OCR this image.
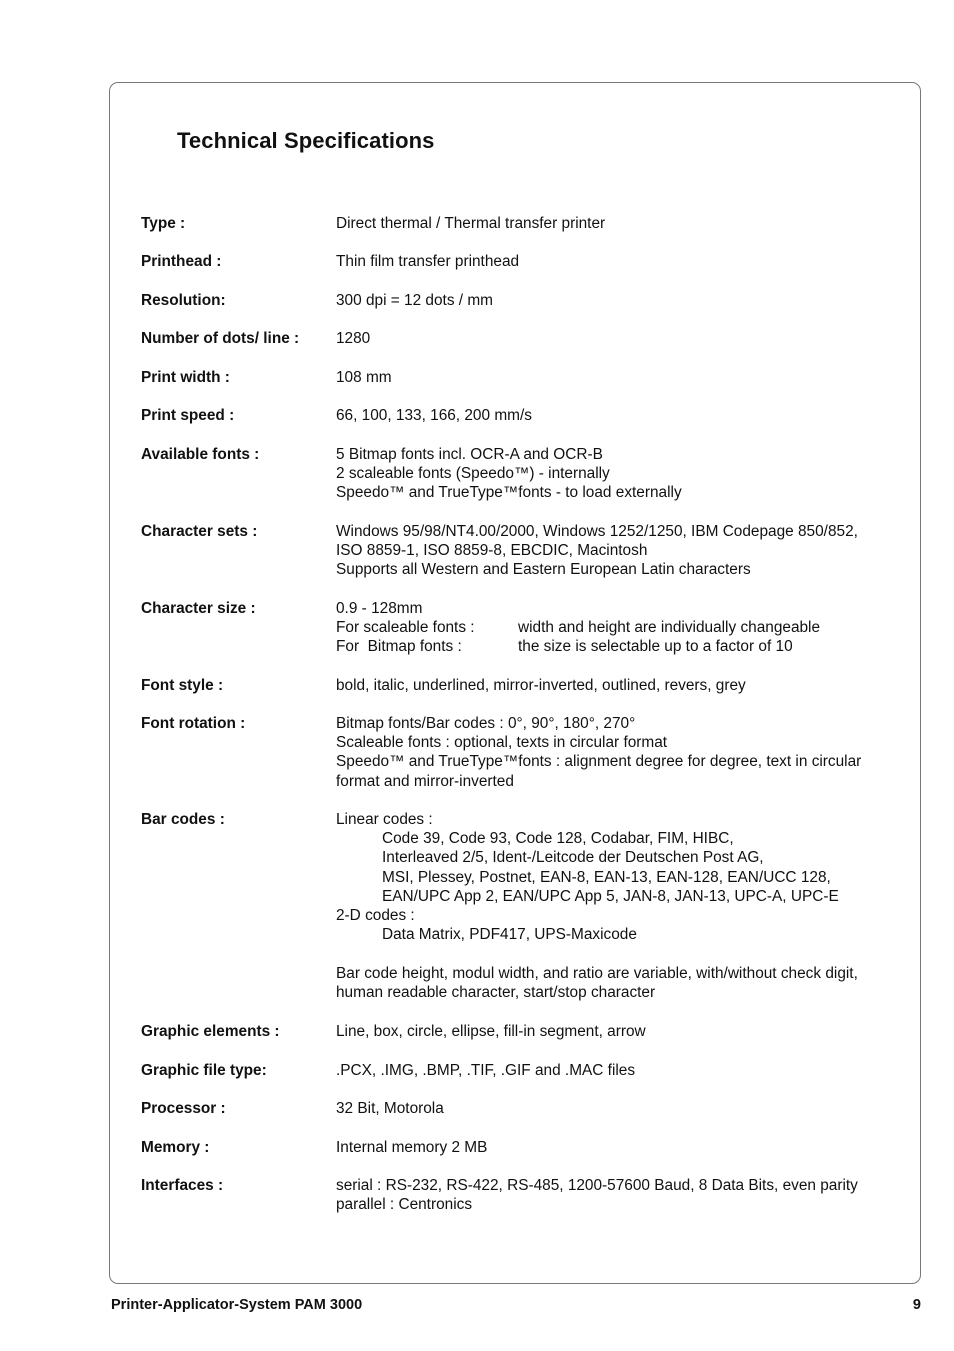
Technical Specifications
Type :	Direct thermal / Thermal transfer printer
Printhead :	Thin film transfer printhead
Resolution:	300 dpi = 12 dots / mm
Number of dots/ line :	1280
Print width :	108 mm
Print speed :	66, 100, 133, 166, 200 mm/s
Available fonts :	5 Bitmap fonts incl. OCR-A and OCR-B
2 scaleable fonts (Speedo™) - internally
Speedo™ and TrueType™fonts - to load externally
Character sets :	Windows 95/98/NT4.00/2000, Windows 1252/1250, IBM Codepage 850/852,
ISO 8859-1, ISO 8859-8, EBCDIC, Macintosh
Supports all Western and Eastern European Latin characters
Character size :	0.9 - 128mm
For scaleable fonts :	width and height are individually changeable
For  Bitmap fonts :	the size is selectable up to a factor of 10
Font style :	bold, italic, underlined, mirror-inverted, outlined, revers, grey
Font rotation :	Bitmap fonts/Bar codes : 0°, 90°, 180°, 270°
Scaleable fonts : optional, texts in circular format
Speedo™ and TrueType™fonts : alignment degree for degree, text in circular
format and mirror-inverted
Bar codes :	Linear codes :
Code 39, Code 93, Code 128, Codabar, FIM, HIBC,
Interleaved 2/5, Ident-/Leitcode der Deutschen Post AG,
MSI, Plessey, Postnet, EAN-8, EAN-13, EAN-128, EAN/UCC 128,
EAN/UPC App 2, EAN/UPC App 5, JAN-8, JAN-13, UPC-A, UPC-E
2-D codes :
Data Matrix, PDF417, UPS-Maxicode
Bar code height, modul width, and ratio are variable, with/without check digit,
human readable character, start/stop character
Graphic elements :	Line, box, circle, ellipse, fill-in segment, arrow
Graphic file type:	.PCX, .IMG, .BMP, .TIF, .GIF and .MAC files
Processor :	32 Bit, Motorola
Memory :	Internal memory 2 MB
Interfaces :	serial : RS-232, RS-422, RS-485, 1200-57600 Baud, 8 Data Bits, even parity
parallel : Centronics
Printer-Applicator-System PAM 3000	9
